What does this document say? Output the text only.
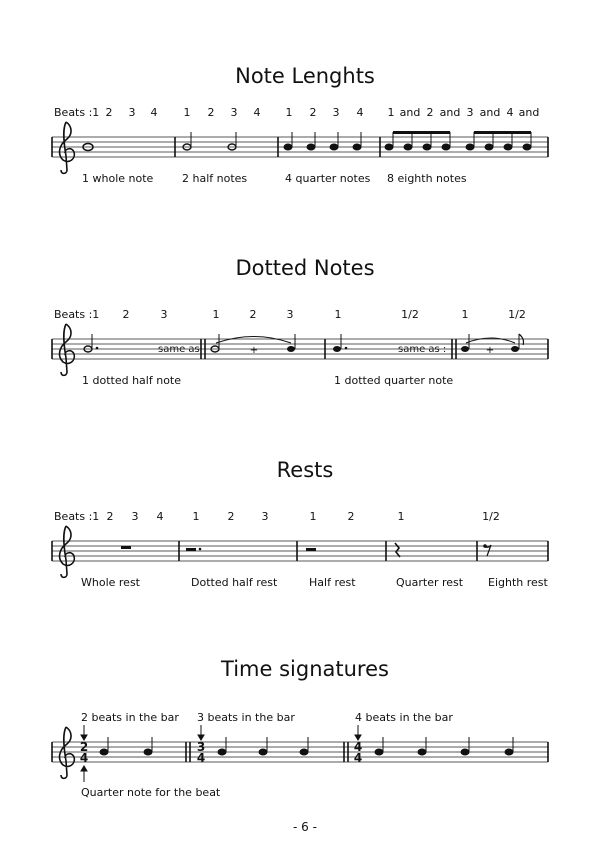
Note Lenghts
Dotted Notes
Rests
Time signatures
Beats :1 2 3 4 1 2 3 4 1 2 3 4 1 and 2 and 3 and 4 and
1 whole note	2 half notes	4 quarter notes 8 eighth notes
Beats :1 2	3	1	2	3	1	1/2	1	1/2
same as	same as :
1 dotted half note	1 dotted quarter note
Beats :1 2 3 4	1	2 3	1	2	1	1/2
Whole rest	Dotted half rest	Half rest	Quarter rest Eighth rest
2 beats in the bar 3 beats in the bar	4 beats in the bar
Quarter note for the beat
- 6 -
+	+
2
4
3
4
4
4
